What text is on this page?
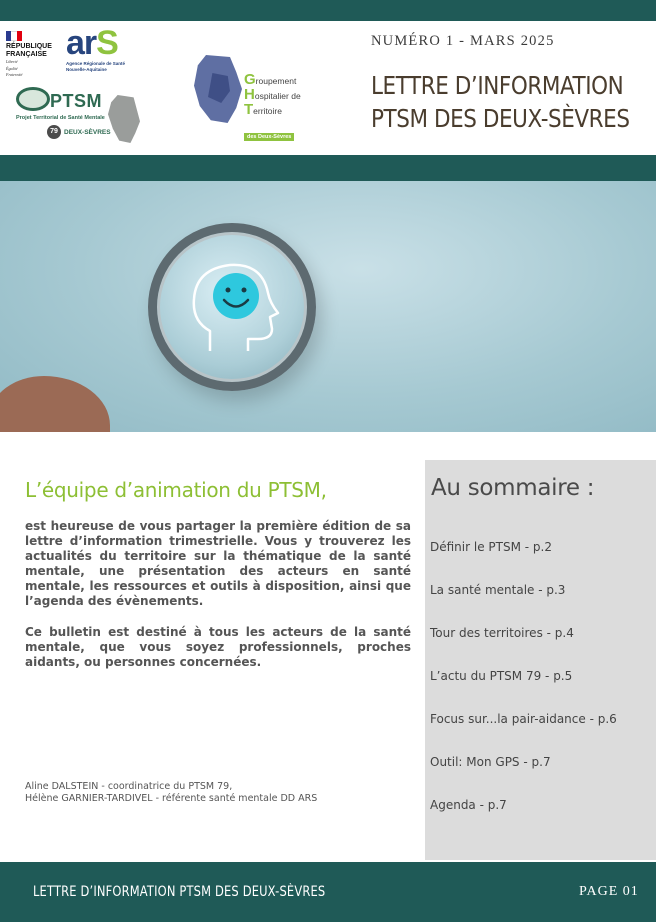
RÉPUBLIQUE
FRANÇAISE
Liberté
Égalité
Fraternité
arS
Agence Régionale de Santé
Nouvelle-Aquitaine
PTSM
Projet Territorial de Santé Mentale
79 DEUX-SÈVRES
Groupement
Hospitalier de
Territoire
des Deux-Sèvres
NUMÉRO 1 - MARS 2025
LETTRE D’INFORMATION
PTSM DES DEUX-SÈVRES
L’équipe d’animation du PTSM,

est heureuse de vous partager la première édition de sa lettre d’information trimestrielle. Vous y trouverez les actualités du territoire sur la thématique de la santé mentale, une présentation des acteurs en santé mentale, les ressources et outils à disposition, ainsi que l’agenda des évènements.

Ce bulletin est destiné à tous les acteurs de la santé mentale, que vous soyez professionnels, proches aidants, ou personnes concernées.

Aline DALSTEIN - coordinatrice du PTSM 79,
Hélène GARNIER-TARDIVEL - référente santé mentale DD ARS
Au sommaire :
Définir le PTSM - p.2
La santé mentale - p.3
Tour des territoires - p.4
L’actu du PTSM 79 - p.5
Focus sur...la pair-aidance - p.6
Outil: Mon GPS - p.7
Agenda - p.7
LETTRE D’INFORMATION PTSM DES DEUX-SÈVRES	PAGE 01
